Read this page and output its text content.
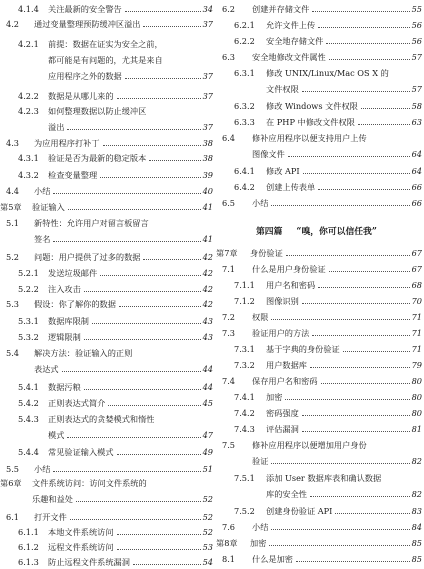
4.1.4	关注最新的安全警告	34
4.2	通过变量整理预防缓冲区溢出	37
4.2.1	前提：数据在证实为安全之前，
都可能是有问题的，尤其是来自
应用程序之外的数据	37
4.2.2	数据是从哪儿来的	37
4.2.3	如何整理数据以防止缓冲区
溢出	37
4.3	为应用程序打补丁	38
4.3.1	验证是否为最新的稳定版本	38
4.3.2	检查变量整理	39
4.4	小结	40
第5章	验证输入	41
5.1	新特性：允许用户对留言板留言
签名	41
5.2	问题：用户提供了过多的数据	42
5.2.1	发送垃圾邮件	42
5.2.2	注入攻击	42
5.3	假设：你了解你的数据	42
5.3.1	数据库限制	43
5.3.2	逻辑限制	43
5.4	解决方法：验证输入的正则
表达式	44
5.4.1	数据污粮	44
5.4.2	正则表达式简介	45
5.4.3	正则表达式的贪婪模式和惰性
模式	47
5.4.4	常见验证输入模式	49
5.5	小结	51
第6章	文件系统访问：访问文件系统的
乐趣和益处	52
6.1	打开文件	52
6.1.1	本地文件系统访问	52
6.1.2	远程文件系统访问	53
6.1.3	防止远程文件系统漏洞	54
6.2	创建并存储文件	55
6.2.1	允许文件上传	56
6.2.2	安全地存储文件	56
6.3	安全地修改文件属性	57
6.3.1	修改 UNIX/Linux/Mac OS X 的
文件权限	57
6.3.2	修改 Windows 文件权限	58
6.3.3	在 PHP 中修改文件权限	63
6.4	修补应用程序以便支持用户上传
图像文件	64
6.4.1	修改 API	64
6.4.2	创建上传表单	66
6.5	小结	66
第7章	身份验证	67
7.1	什么是用户身份验证	67
7.1.1	用户名和密码	68
7.1.2	图像识别	70
7.2	权限	71
7.3	验证用户的方法	71
7.3.1	基于字典的身份验证	71
7.3.2	用户数据库	79
7.4	保存用户名和密码	80
7.4.1	加密	80
7.4.2	密码强度	80
7.4.3	评估漏洞	81
7.5	修补应用程序以便增加用户身份
验证	82
7.5.1	添加 User 数据库表和确认数据
库的安全性	82
7.5.2	创建身份验证 API	83
7.6	小结	84
第8章	加密	85
8.1	什么是加密	85
第四篇 “嗅，你可以信任我”
